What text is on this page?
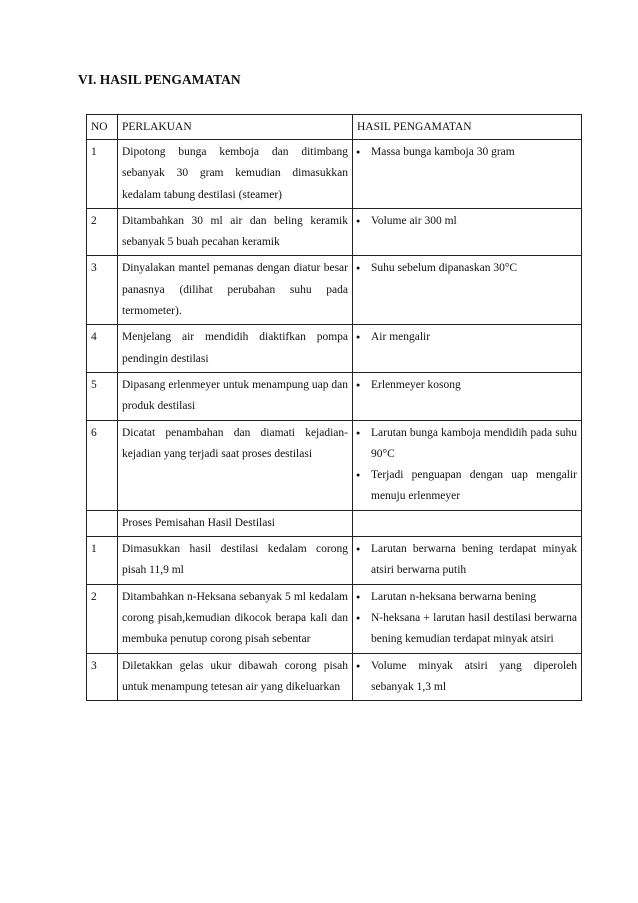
VI. HASIL PENGAMATAN
NO	PERLAKUAN	HASIL PENGAMATAN
1	Dipotong bunga kemboja dan ditimbang sebanyak 30 gram kemudian dimasukkan kedalam tabung destilasi (steamer)	● Massa bunga kamboja 30 gram

2	Ditambahkan 30 ml air dan beling keramik sebanyak 5 buah pecahan keramik	● Volume air 300 ml

3	Dinyalakan mantel pemanas dengan diatur besar panasnya (dilihat perubahan suhu pada termometer).	● Suhu sebelum dipanaskan 30°C

4	Menjelang air mendidih diaktifkan pompa pendingin destilasi	● Air mengalir

5	Dipasang erlenmeyer untuk menampung uap dan produk destilasi	● Erlenmeyer kosong

6	Dicatat penambahan dan diamati kejadian-kejadian yang terjadi saat proses destilasi	● Larutan bunga kamboja mendidih pada suhu 90°C
● Terjadi penguapan dengan uap mengalir menuju erlenmeyer

	Proses Pemisahan Hasil Destilasi	
1	Dimasukkan hasil destilasi kedalam corong pisah 11,9 ml	● Larutan berwarna bening terdapat minyak atsiri berwarna putih

2	Ditambahkan n-Heksana sebanyak 5 ml kedalam corong pisah,kemudian dikocok berapa kali dan membuka penutup corong pisah sebentar	● Larutan n-heksana berwarna bening
● N-heksana + larutan hasil destilasi berwarna bening kemudian terdapat minyak atsiri

3	Diletakkan gelas ukur dibawah corong pisah untuk menampung tetesan air yang dikeluarkan	● Volume minyak atsiri yang diperoleh sebanyak 1,3 ml
